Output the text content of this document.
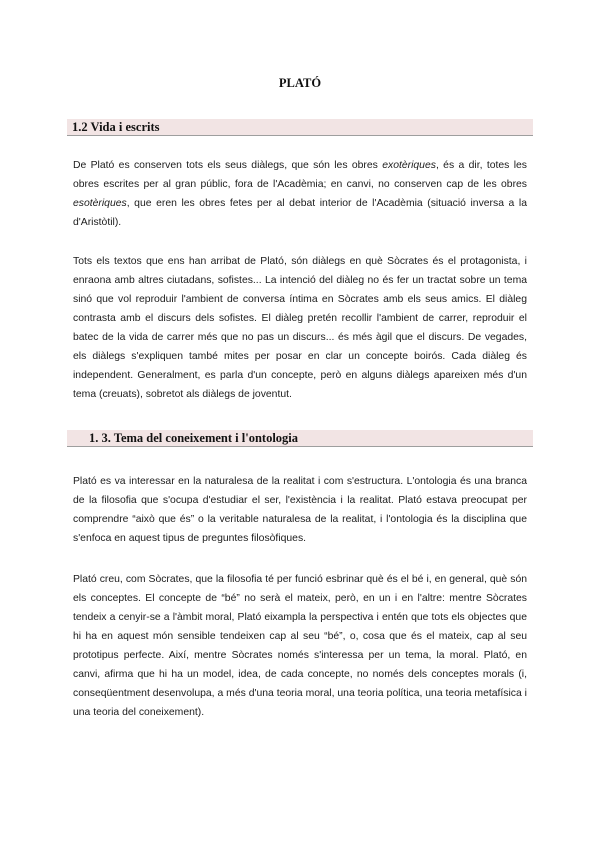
PLATÓ
1.2 Vida i escrits

De Plató es conserven tots els seus diàlegs, que són les obres exotèriques, és a dir, totes les obres escrites per al gran públic, fora de l'Acadèmia; en canvi, no conserven cap de les obres esotèriques, que eren les obres fetes per al debat interior de l'Acadèmia (situació inversa a la d'Aristòtil).

Tots els textos que ens han arribat de Plató, són diàlegs en què Sòcrates és el protagonista, i enraona amb altres ciutadans, sofistes... La intenció del diàleg no és fer un tractat sobre un tema sinó que vol reproduir l'ambient de conversa íntima en Sòcrates amb els seus amics. El diàleg contrasta amb el discurs dels sofistes. El diàleg pretén recollir l'ambient de carrer, reproduir el batec de la vida de carrer més que no pas un discurs... és més àgil que el discurs. De vegades, els diàlegs s'expliquen també mites per posar en clar un concepte boirós. Cada diàleg és independent. Generalment, es parla d'un concepte, però en alguns diàlegs apareixen més d'un tema (creuats), sobretot als diàlegs de joventut.

1. 3. Tema del coneixement i l'ontologia

Plató es va interessar en la naturalesa de la realitat i com s'estructura. L'ontologia és una branca de la filosofia que s'ocupa d'estudiar el ser, l'existència i la realitat. Plató estava preocupat per comprendre “això que és” o la veritable naturalesa de la realitat, i l'ontologia és la disciplina que s'enfoca en aquest tipus de preguntes filosòfiques.

Plató creu, com Sòcrates, que la filosofia té per funció esbrinar què és el bé i, en general, què són els conceptes. El concepte de “bé” no serà el mateix, però, en un i en l'altre: mentre Sòcrates tendeix a cenyir-se a l'àmbit moral, Plató eixampla la perspectiva i entén que tots els objectes que hi ha en aquest món sensible tendeixen cap al seu “bé”, o, cosa que és el mateix, cap al seu prototipus perfecte. Així, mentre Sòcrates només s'interessa per un tema, la moral. Plató, en canvi, afirma que hi ha un model, idea, de cada concepte, no només dels conceptes morals (i, conseqüentment desenvolupa, a més d'una teoria moral, una teoria política, una teoria metafísica i una teoria del coneixement).
